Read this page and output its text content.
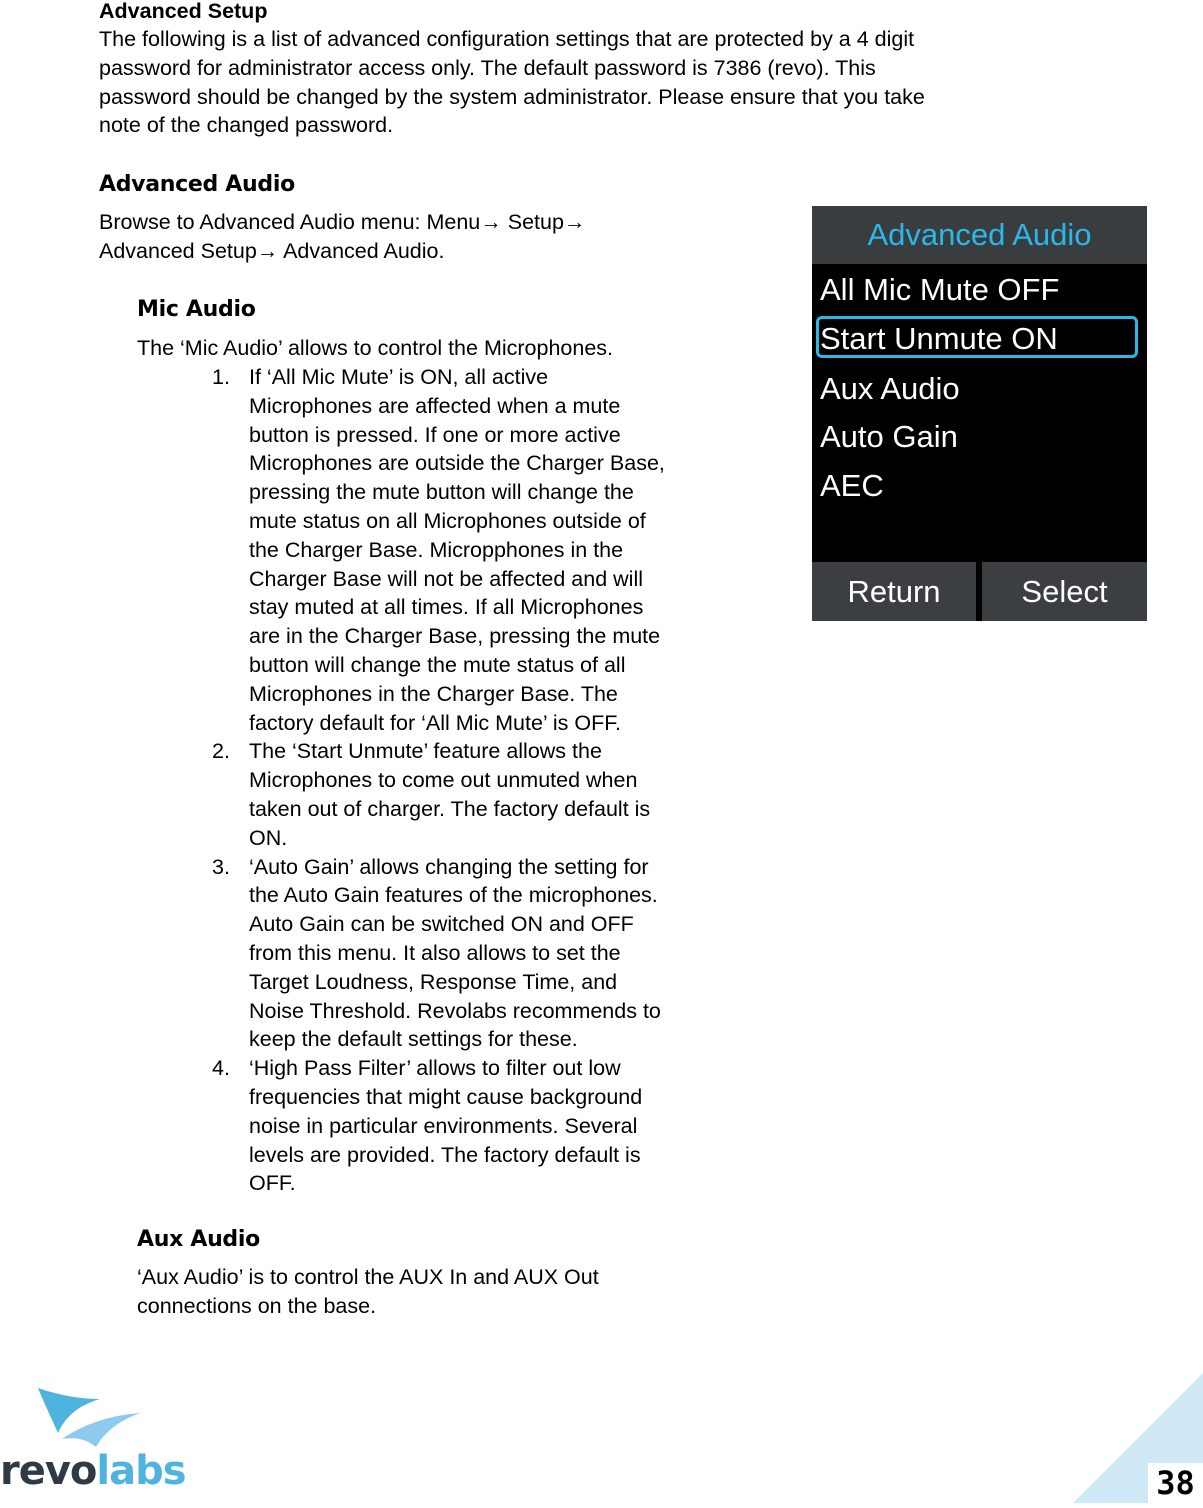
Advanced Setup
The following is a list of advanced configuration settings that are protected by a 4 digit
password for administrator access only. The default password is 7386 (revo). This
password should be changed by the system administrator. Please ensure that you take
note of the changed password.
Advanced Audio
Browse to Advanced Audio menu: Menu→ Setup→
Advanced Setup→ Advanced Audio.
Mic Audio
The ‘Mic Audio’ allows to control the Microphones.
1. If ‘All Mic Mute’ is ON, all active
Microphones are affected when a mute
button is pressed. If one or more active
Microphones are outside the Charger Base,
pressing the mute button will change the
mute status on all Microphones outside of
the Charger Base. Micropphones in the
Charger Base will not be affected and will
stay muted at all times. If all Microphones
are in the Charger Base, pressing the mute
button will change the mute status of all
Microphones in the Charger Base. The
factory default for ‘All Mic Mute’ is OFF.
2. The ‘Start Unmute’ feature allows the
Microphones to come out unmuted when
taken out of charger. The factory default is
ON.
3. ‘Auto Gain’ allows changing the setting for
the Auto Gain features of the microphones.
Auto Gain can be switched ON and OFF
from this menu. It also allows to set the
Target Loudness, Response Time, and
Noise Threshold. Revolabs recommends to
keep the default settings for these.
4. ‘High Pass Filter’ allows to filter out low
frequencies that might cause background
noise in particular environments. Several
levels are provided. The factory default is
OFF.
Aux Audio
‘Aux Audio’ is to control the AUX In and AUX Out
connections on the base.
Advanced Audio
All Mic Mute OFF
Start Unmute ON
Aux Audio
Auto Gain
AEC
Return	Select
revolabs	38
